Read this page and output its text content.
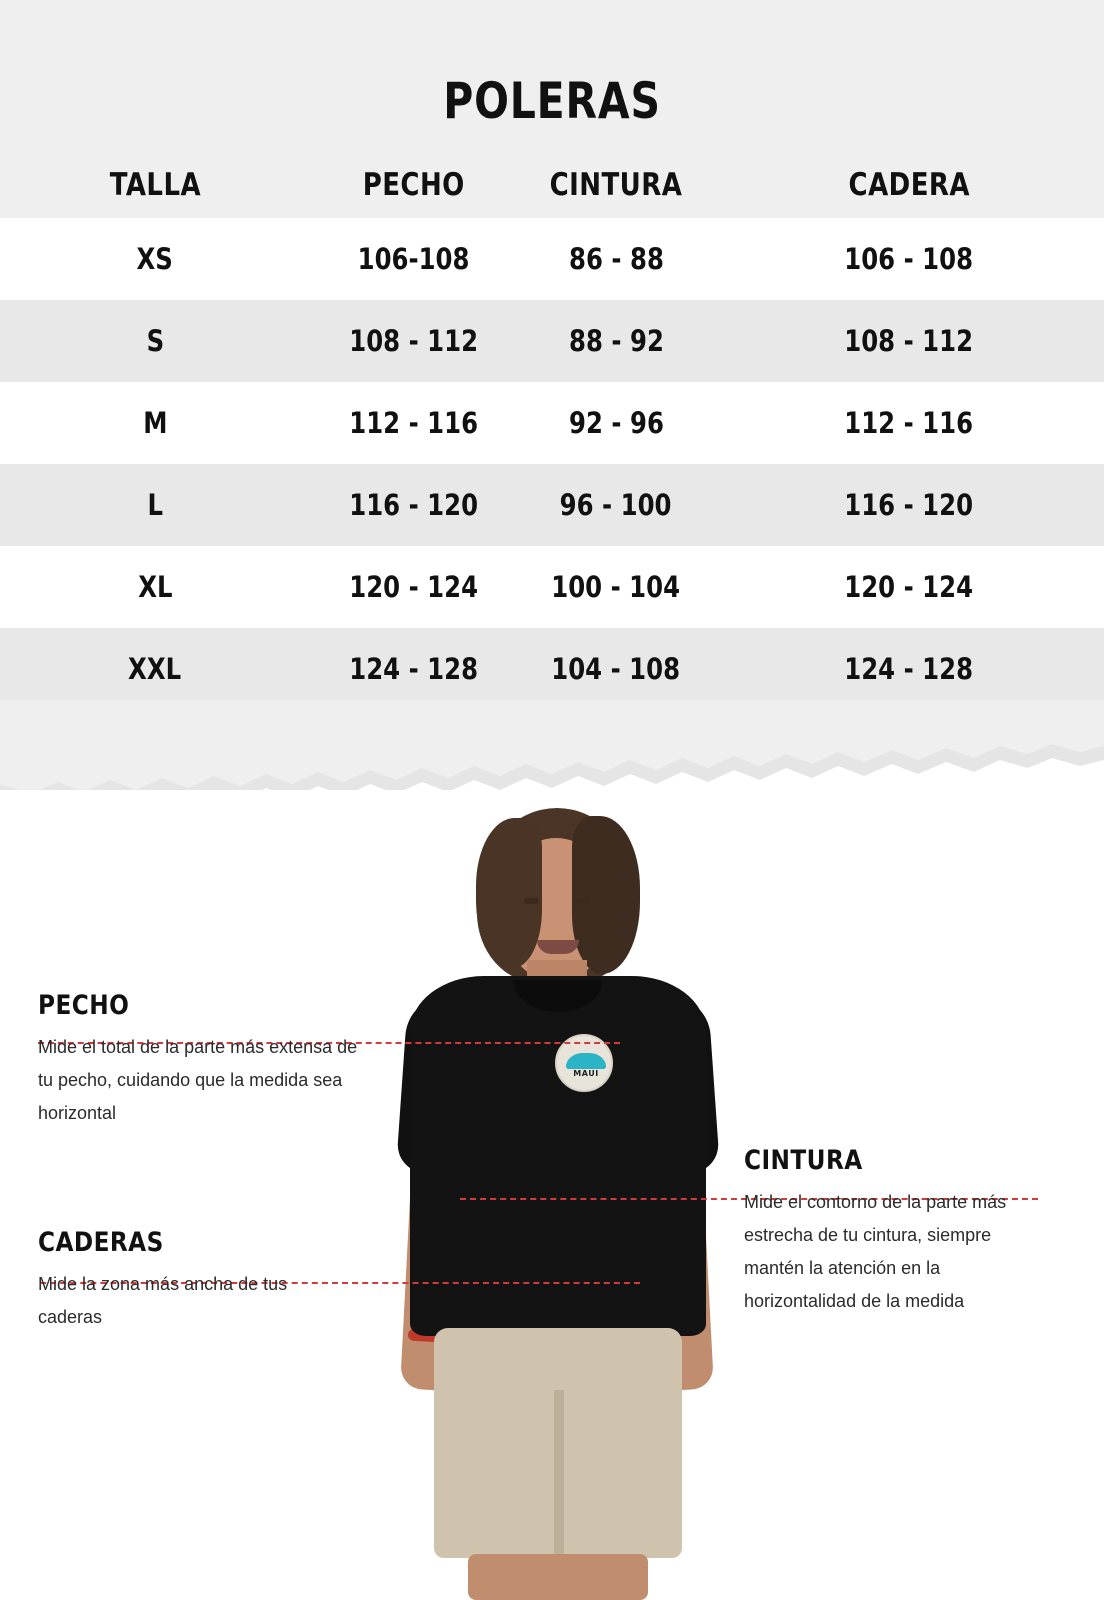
POLERAS
TALLA	PECHO	CINTURA	CADERA
XS	106-108	86 - 88	106 - 108
S	108 - 112	88 - 92	108 - 112
M	112 - 116	92 - 96	112 - 116
L	116 - 120	96 - 100	116 - 120
XL	120 - 124	100 - 104	120 - 124
XXL	124 - 128	104 - 108	124 - 128
MAUI
PECHO

Mide el total de la parte más extensa de tu pecho, cuidando que la medida sea horizontal

CADERAS

Mide la zona más ancha de tus caderas

CINTURA

Mide el contorno de la parte más estrecha de tu cintura, siempre mantén la atención en la horizontalidad de la medida
